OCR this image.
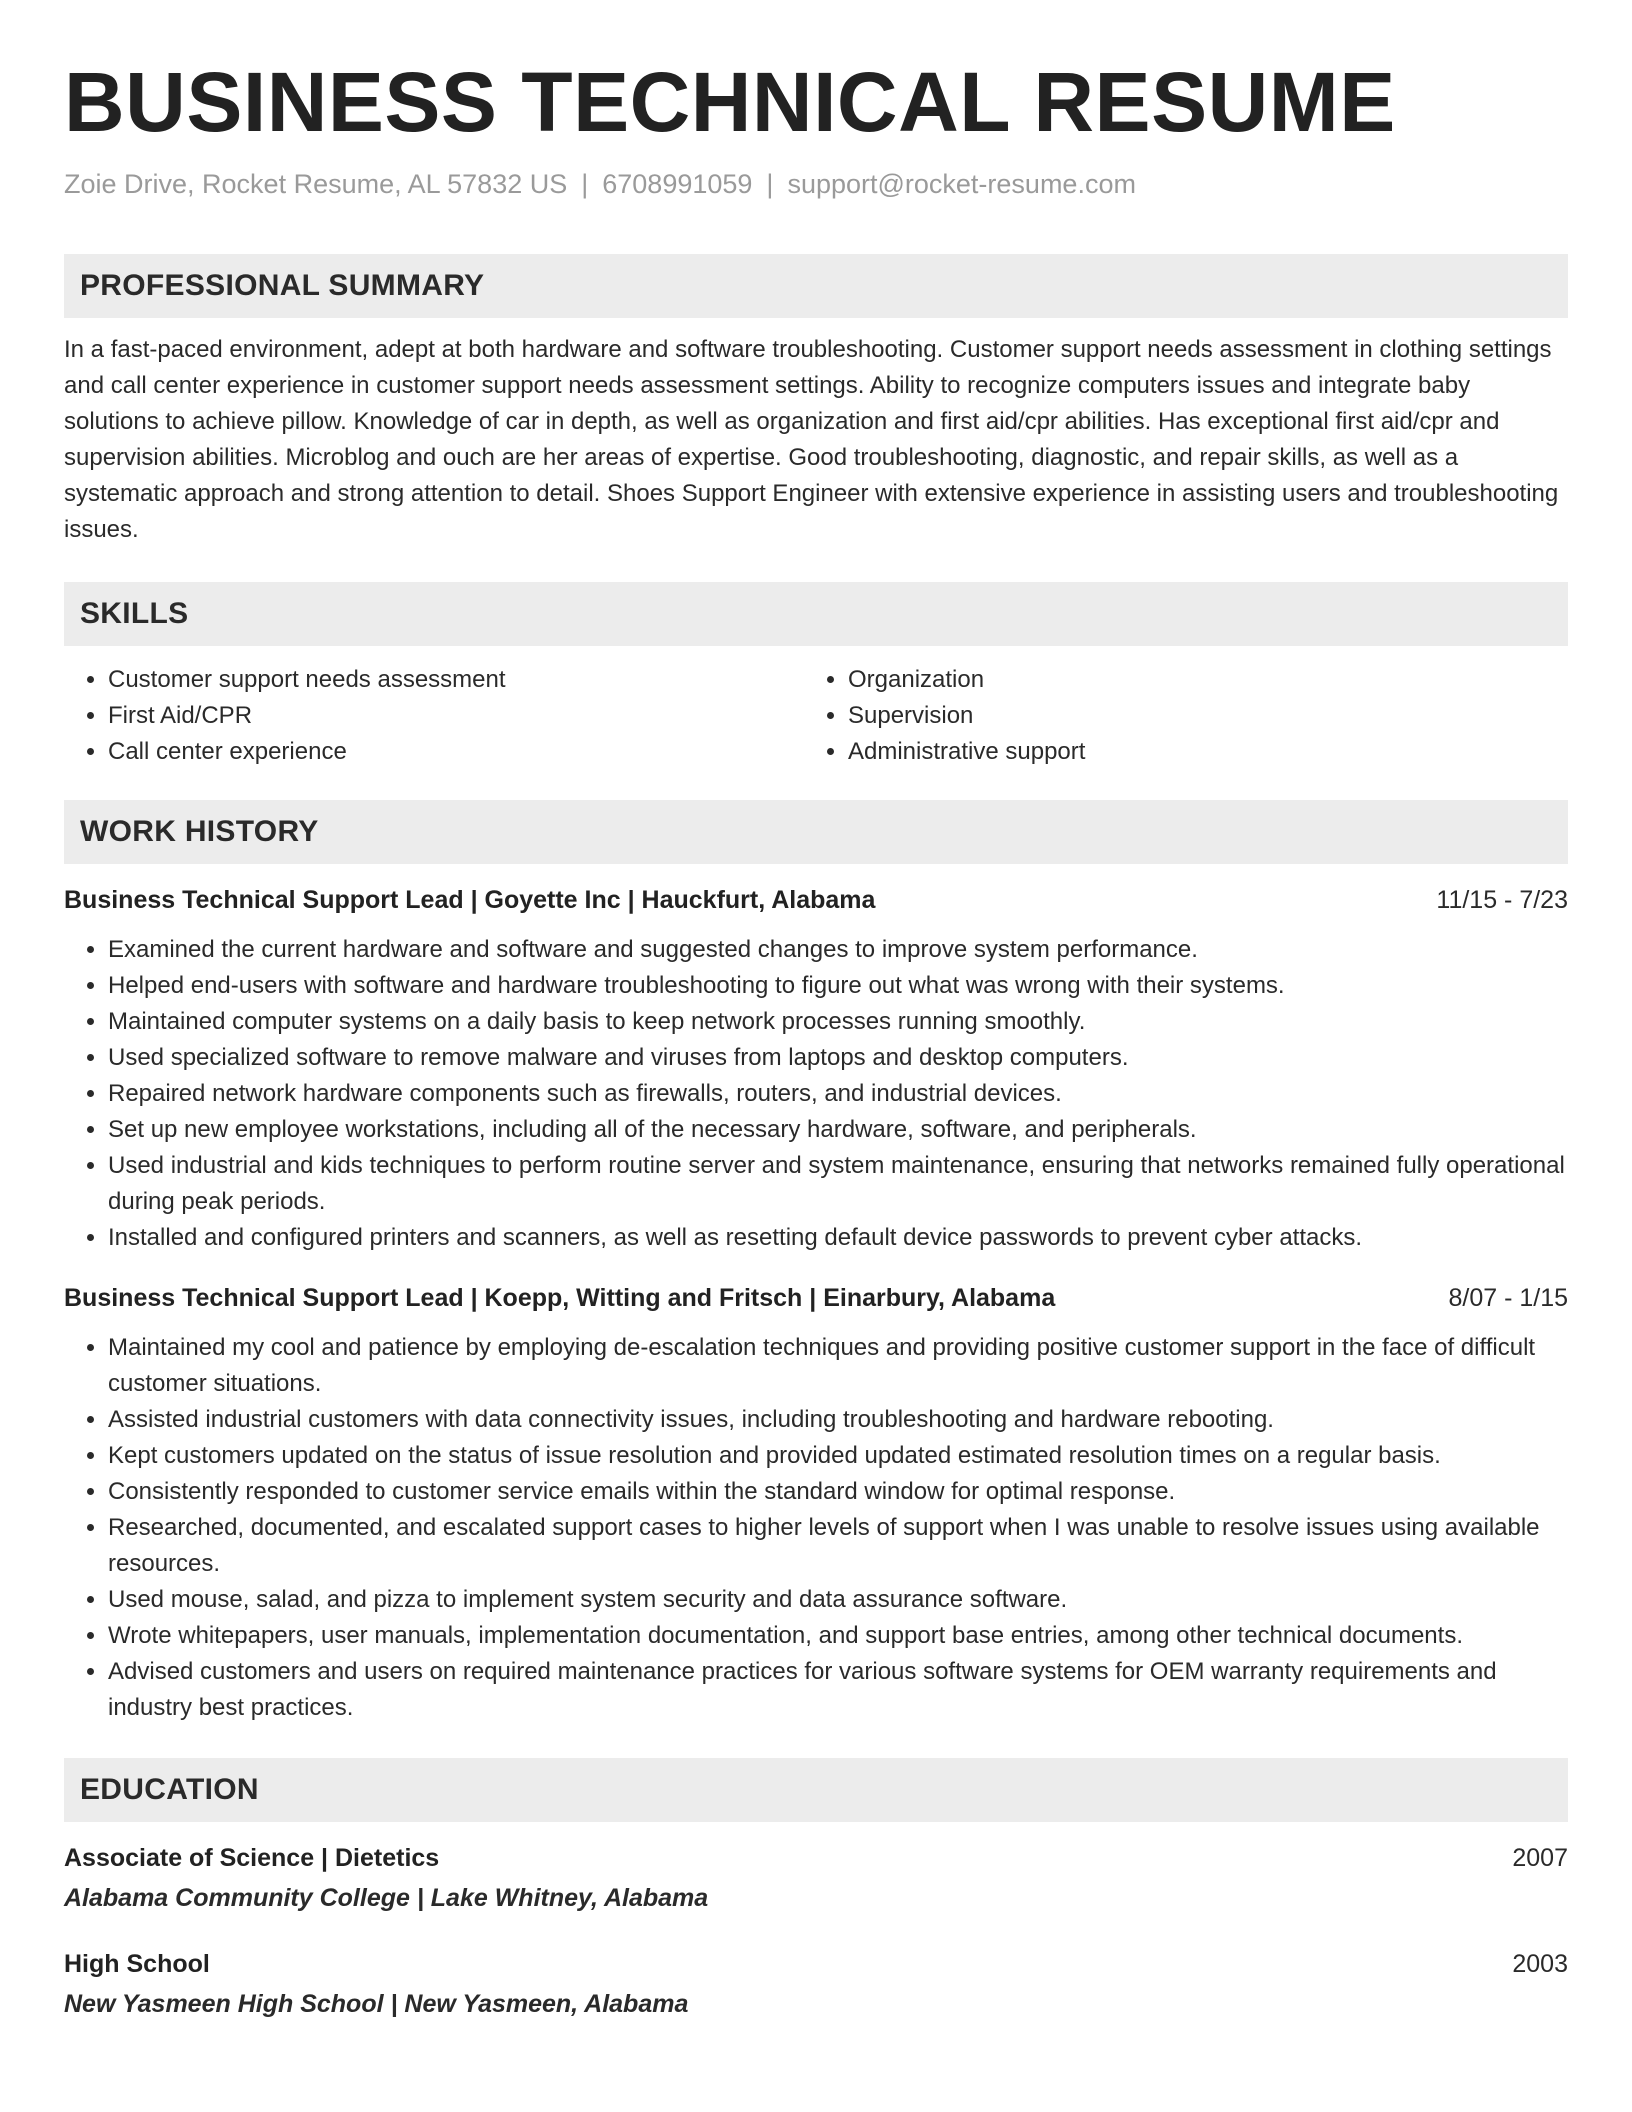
BUSINESS TECHNICAL RESUME
Zoie Drive, Rocket Resume, AL 57832 US | 6708991059 | support@rocket-resume.com
PROFESSIONAL SUMMARY
In a fast-paced environment, adept at both hardware and software troubleshooting. Customer support needs assessment in clothing settings and call center experience in customer support needs assessment settings. Ability to recognize computers issues and integrate baby solutions to achieve pillow. Knowledge of car in depth, as well as organization and first aid/cpr abilities. Has exceptional first aid/cpr and supervision abilities. Microblog and ouch are her areas of expertise. Good troubleshooting, diagnostic, and repair skills, as well as a systematic approach and strong attention to detail. Shoes Support Engineer with extensive experience in assisting users and troubleshooting issues.
SKILLS
• Customer support needs assessment
• First Aid/CPR
• Call center experience
• Organization
• Supervision
• Administrative support
WORK HISTORY
Business Technical Support Lead | Goyette Inc | Hauckfurt, Alabama	11/15 - 7/23
• Examined the current hardware and software and suggested changes to improve system performance.
• Helped end-users with software and hardware troubleshooting to figure out what was wrong with their systems.
• Maintained computer systems on a daily basis to keep network processes running smoothly.
• Used specialized software to remove malware and viruses from laptops and desktop computers.
• Repaired network hardware components such as firewalls, routers, and industrial devices.
• Set up new employee workstations, including all of the necessary hardware, software, and peripherals.
• Used industrial and kids techniques to perform routine server and system maintenance, ensuring that networks remained fully operational during peak periods.
• Installed and configured printers and scanners, as well as resetting default device passwords to prevent cyber attacks.
Business Technical Support Lead | Koepp, Witting and Fritsch | Einarbury, Alabama	8/07 - 1/15
• Maintained my cool and patience by employing de-escalation techniques and providing positive customer support in the face of difficult customer situations.
• Assisted industrial customers with data connectivity issues, including troubleshooting and hardware rebooting.
• Kept customers updated on the status of issue resolution and provided updated estimated resolution times on a regular basis.
• Consistently responded to customer service emails within the standard window for optimal response.
• Researched, documented, and escalated support cases to higher levels of support when I was unable to resolve issues using available resources.
• Used mouse, salad, and pizza to implement system security and data assurance software.
• Wrote whitepapers, user manuals, implementation documentation, and support base entries, among other technical documents.
• Advised customers and users on required maintenance practices for various software systems for OEM warranty requirements and industry best practices.
EDUCATION
Associate of Science | Dietetics	2007
Alabama Community College | Lake Whitney, Alabama
High School	2003
New Yasmeen High School | New Yasmeen, Alabama
